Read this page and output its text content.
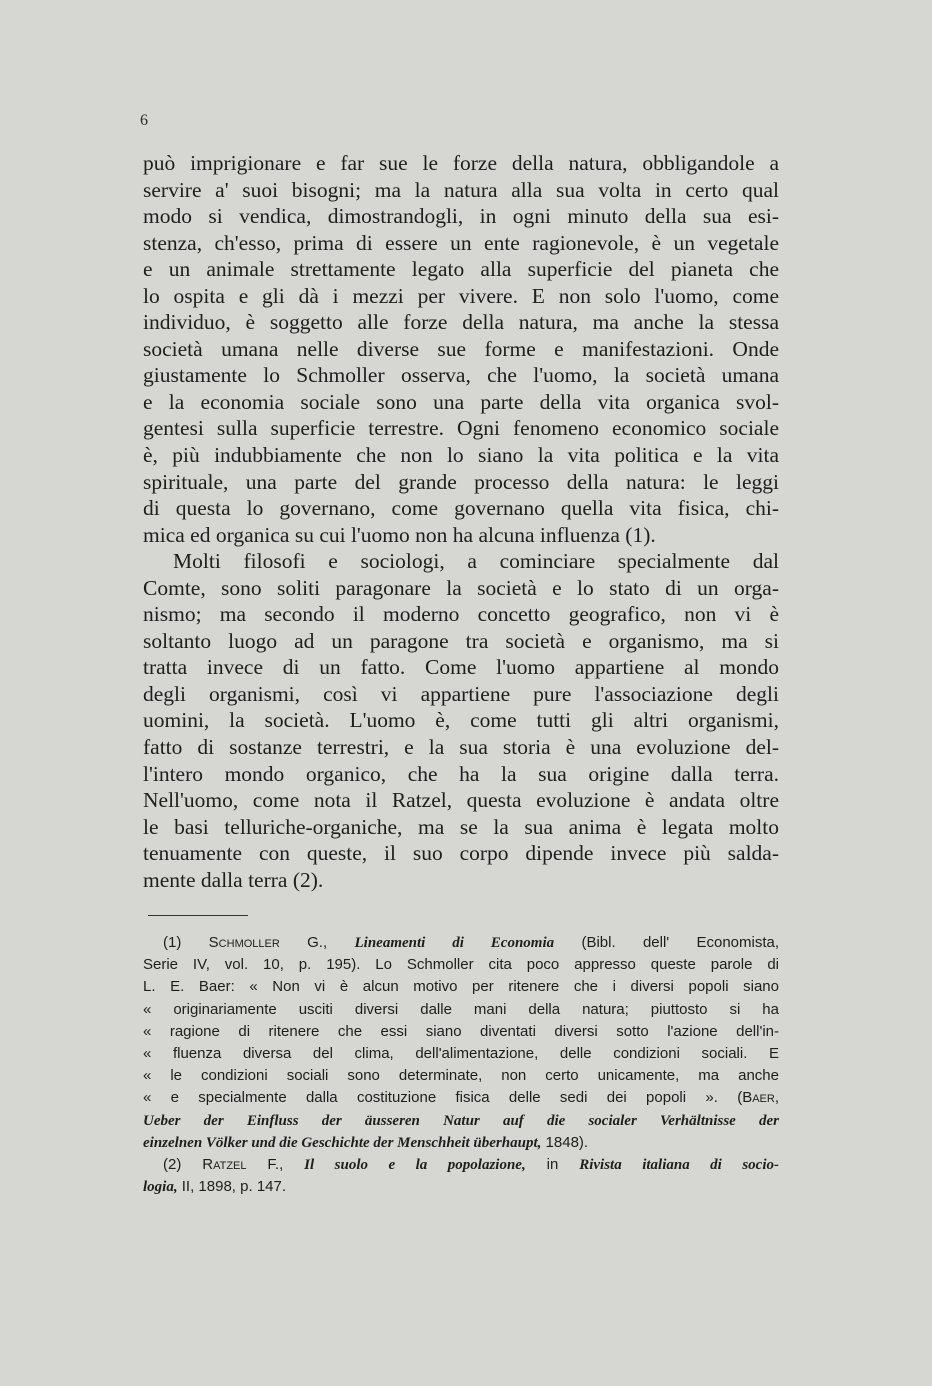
6

può imprigionare e far sue le forze della natura, obbligandole a

servire a' suoi bisogni; ma la natura alla sua volta in certo qual

modo si vendica, dimostrandogli, in ogni minuto della sua esi-

stenza, ch'esso, prima di essere un ente ragionevole, è un vegetale

e un animale strettamente legato alla superficie del pianeta che

lo ospita e gli dà i mezzi per vivere. E non solo l'uomo, come

individuo, è soggetto alle forze della natura, ma anche la stessa

società umana nelle diverse sue forme e manifestazioni. Onde

giustamente lo Schmoller osserva, che l'uomo, la società umana

e la economia sociale sono una parte della vita organica svol-

gentesi sulla superficie terrestre. Ogni fenomeno economico sociale

è, più indubbiamente che non lo siano la vita politica e la vita

spirituale, una parte del grande processo della natura: le leggi

di questa lo governano, come governano quella vita fisica, chi-

mica ed organica su cui l'uomo non ha alcuna influenza (1).

Molti filosofi e sociologi, a cominciare specialmente dal

Comte, sono soliti paragonare la società e lo stato di un orga-

nismo; ma secondo il moderno concetto geografico, non vi è

soltanto luogo ad un paragone tra società e organismo, ma si

tratta invece di un fatto. Come l'uomo appartiene al mondo

degli organismi, così vi appartiene pure l'associazione degli

uomini, la società. L'uomo è, come tutti gli altri organismi,

fatto di sostanze terrestri, e la sua storia è una evoluzione del-

l'intero mondo organico, che ha la sua origine dalla terra.

Nell'uomo, come nota il Ratzel, questa evoluzione è andata oltre

le basi telluriche-organiche, ma se la sua anima è legata molto

tenuamente con queste, il suo corpo dipende invece più salda-

mente dalla terra (2).

(1) Schmoller G., Lineamenti di Economia (Bibl. dell' Economista,

Serie IV, vol. 10, p. 195). Lo Schmoller cita poco appresso queste parole di

L. E. Baer: « Non vi è alcun motivo per ritenere che i diversi popoli siano

« originariamente usciti diversi dalle mani della natura; piuttosto si ha

« ragione di ritenere che essi siano diventati diversi sotto l'azione dell'in-

« fluenza diversa del clima, dell'alimentazione, delle condizioni sociali. E

« le condizioni sociali sono determinate, non certo unicamente, ma anche

« e specialmente dalla costituzione fisica delle sedi dei popoli ». (Baer,

Ueber der Einfluss der äusseren Natur auf die socialer Verhältnisse der

einzelnen Völker und die Geschichte der Menschheit überhaupt, 1848).

(2) Ratzel F., Il suolo e la popolazione, in Rivista italiana di socio-

logia, II, 1898, p. 147.
